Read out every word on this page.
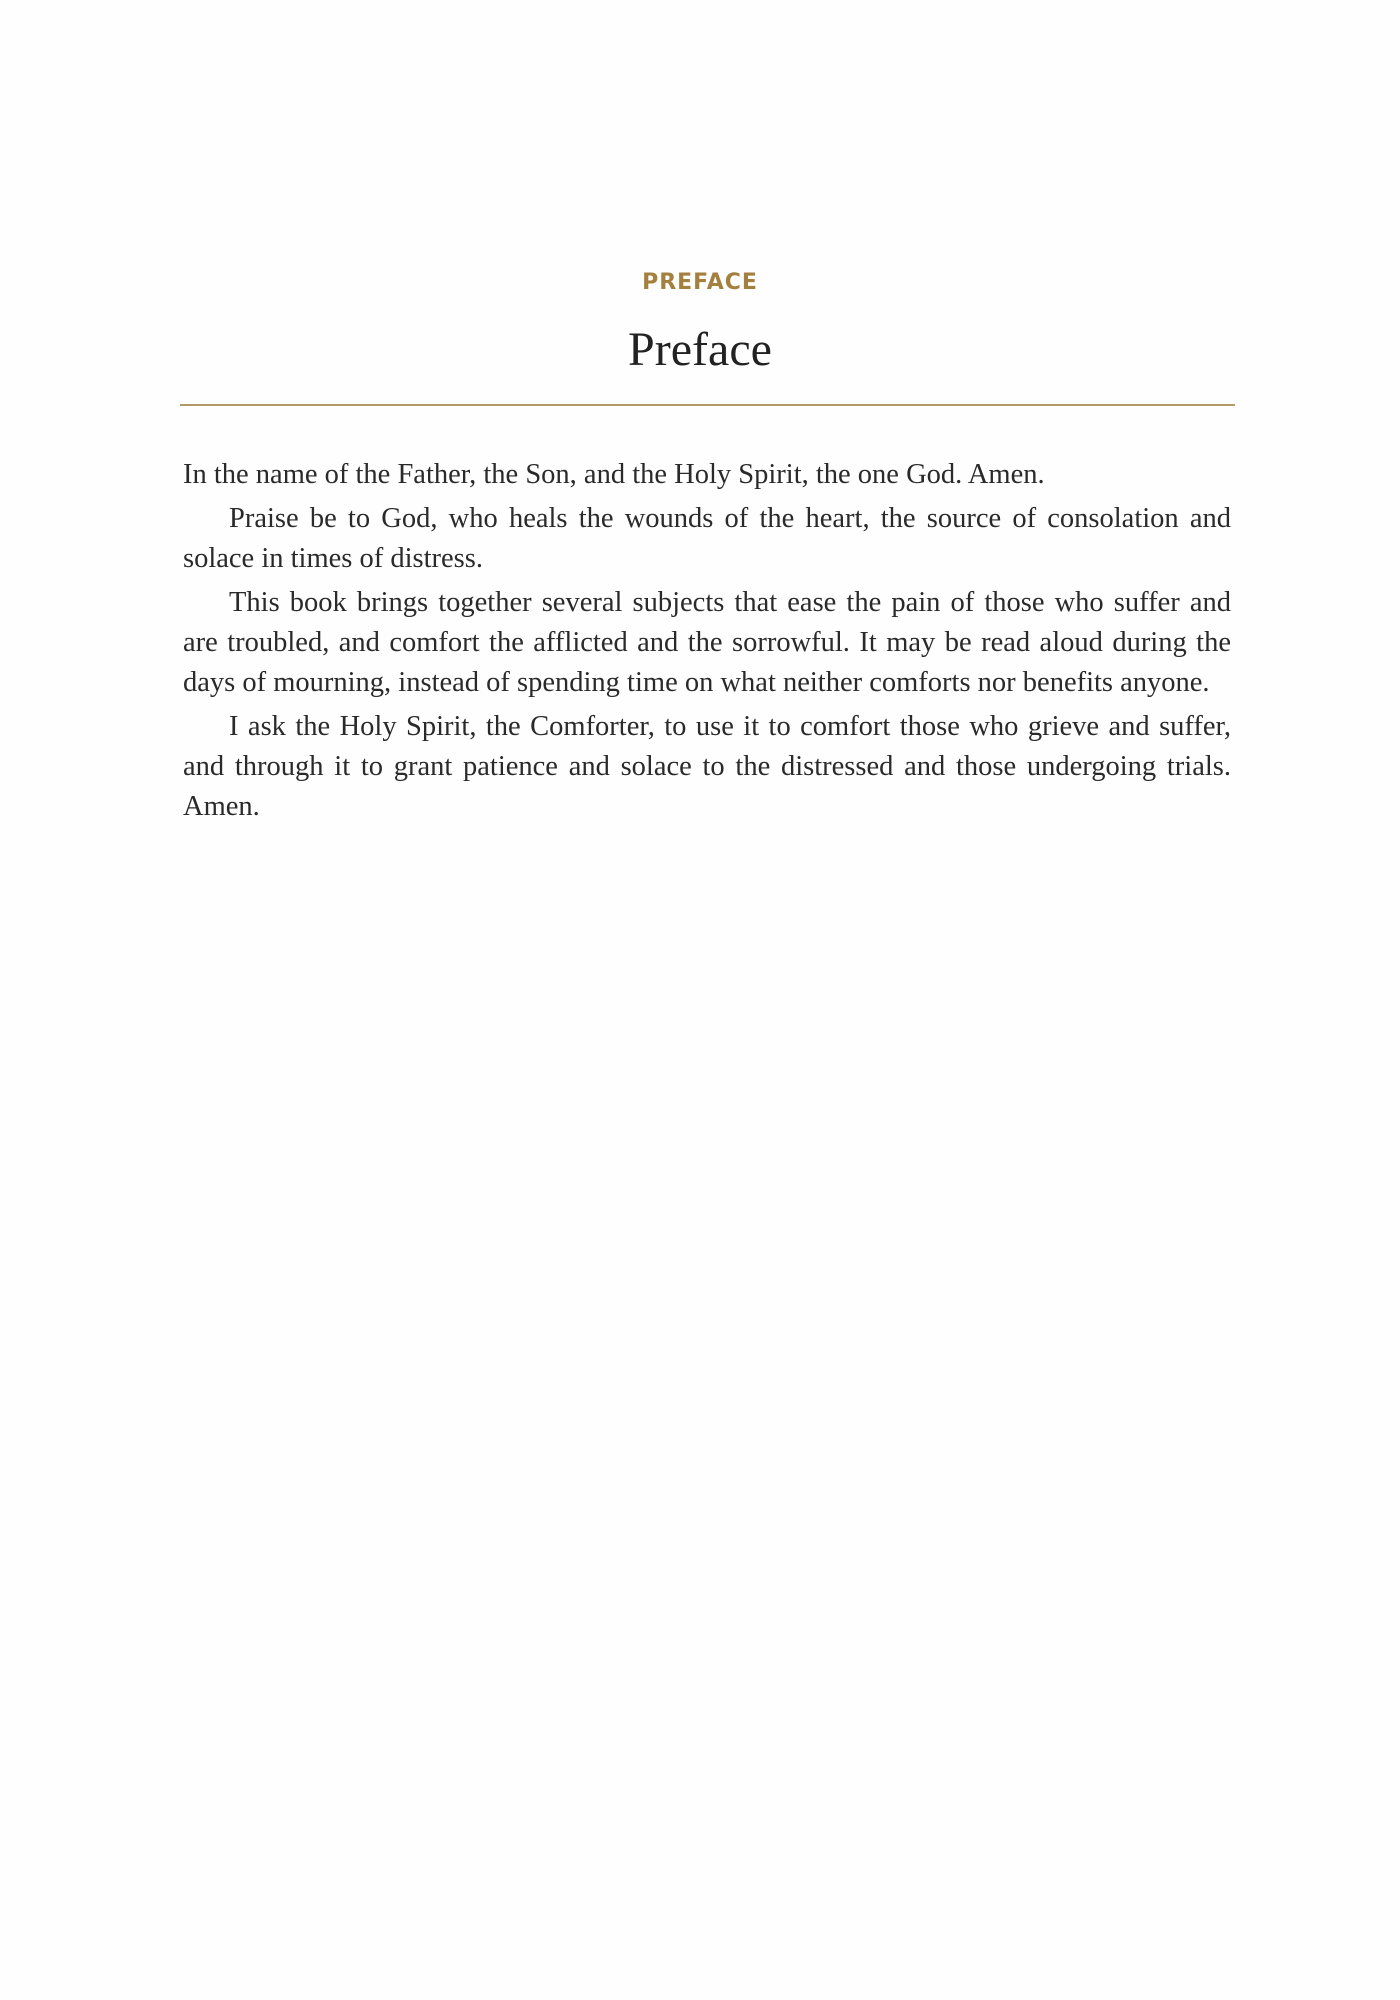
PREFACE
Preface

In the name of the Father, the Son, and the Holy Spirit, the one God. Amen.

Praise be to God, who heals the wounds of the heart, the source of consolation and solace in times of distress.

This book brings together several subjects that ease the pain of those who suffer and are troubled, and comfort the afflicted and the sorrowful. It may be read aloud during the days of mourning, instead of spending time on what neither comforts nor benefits anyone.

I ask the Holy Spirit, the Comforter, to use it to comfort those who grieve and suffer, and through it to grant patience and solace to the distressed and those undergoing trials. Amen.
